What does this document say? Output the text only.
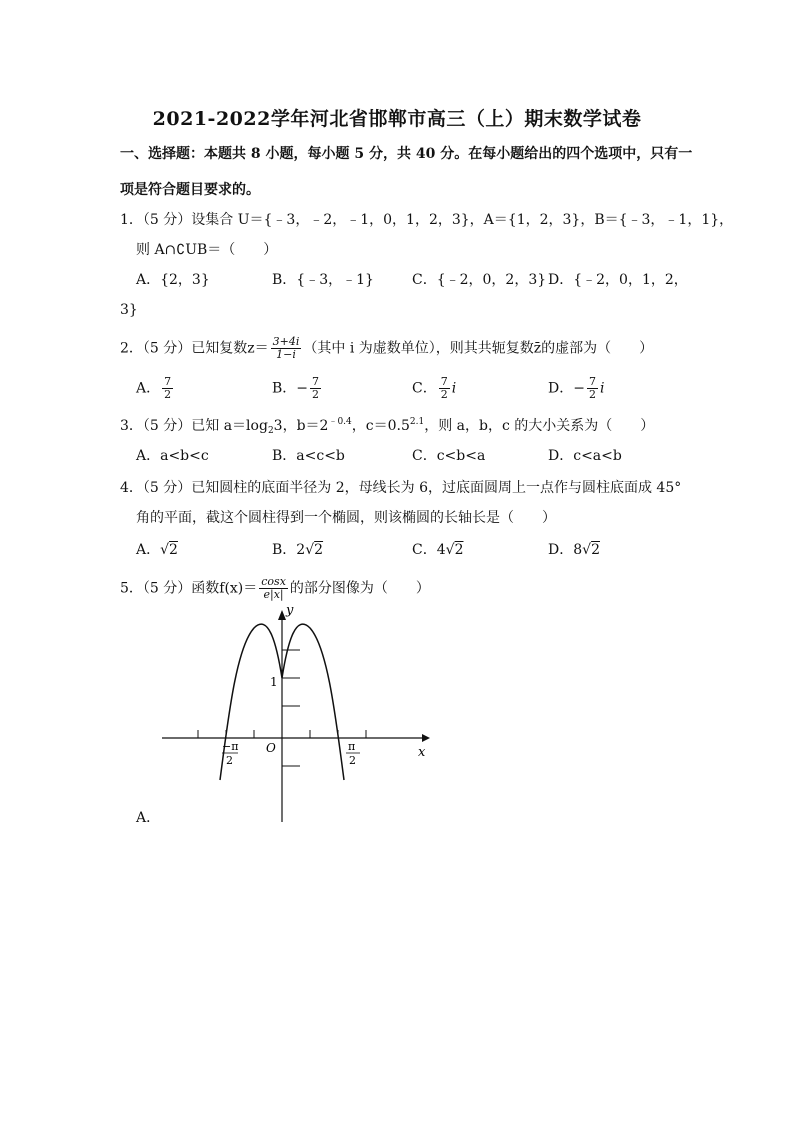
2021-2022学年河北省邯郸市高三（上）期末数学试卷
一、选择题：本题共 8 小题，每小题 5 分，共 40 分。在每小题给出的四个选项中，只有一
项是符合题目要求的。
1．（5 分）设集合 U＝{﹣3，﹣2，﹣1，0，1，2，3}，A＝{1，2，3}，B＝{﹣3，﹣1，1}，
则 A∩∁UB＝（　　）
A．{2，3}	B．{﹣3，﹣1}	C．{﹣2，0，2，3} D．{﹣2，0，1，2，
3}
2．（5 分）已知复数$z= \frac{3+4i}{1-i}$ （其中 i 为虚数单位），则其共轭复数z̄的虚部为（　　）
A． $\frac{7}{2}$	B．− $\frac{7}{2}$	C． $\frac{7}{2}$ i	D．− $\frac{7}{2}$ i
3．（5 分）已知 $a=\log_23$，$b=2^{﹣0.4}$，$c=0.5^{2.1}$，则 a，b，c 的大小关系为（　　）
A．a<b<c	B．a<c<b	C．c<b<a	D．c<a<b
4．（5 分）已知圆柱的底面半径为 2，母线长为 6，过底面圆周上一点作与圆柱底面成 45°
角的平面，截这个圆柱得到一个椭圆，则该椭圆的长轴长是（　　）
A．√2	B．2√2	C．4√2	D．8√2
5．（5 分）函数$f(x)= \frac{\cos x}{e|x|}$ 的部分图像为（　　）
y
x
O
1
−π
2
π
2
A．
